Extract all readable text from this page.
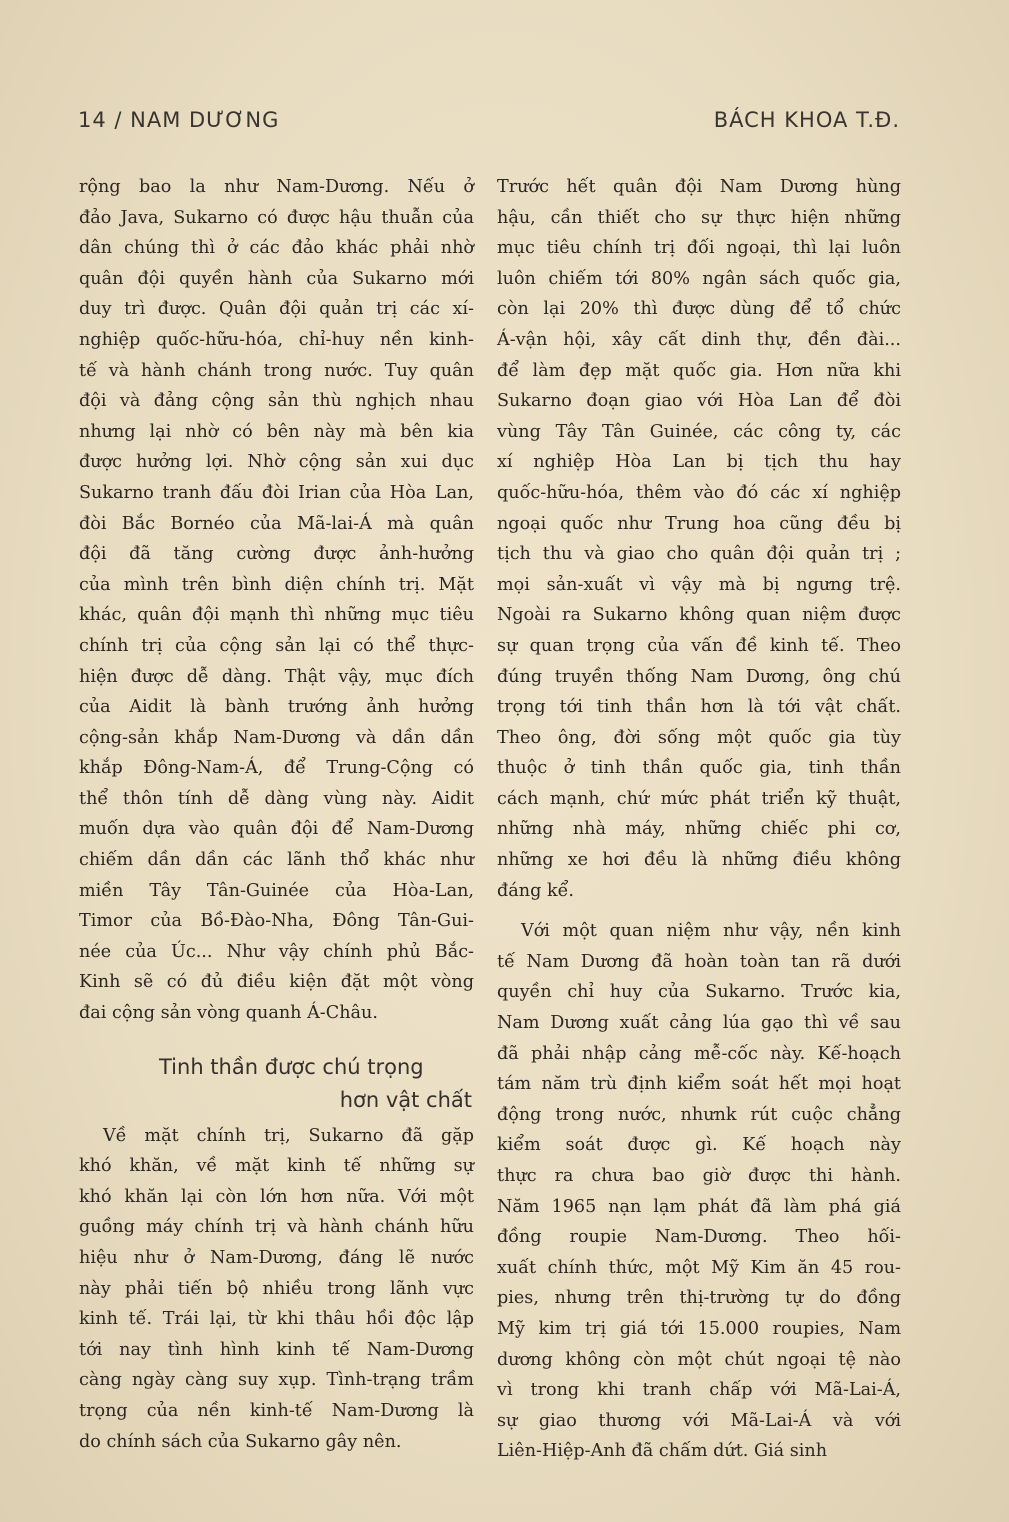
14 / NAM DƯƠNG	BÁCH KHOA T.Đ.
rộng bao la như Nam-Dương. Nếu ở
đảo Java, Sukarno có được hậu thuẫn của
dân chúng thì ở các đảo khác phải nhờ
quân đội quyền hành của Sukarno mới
duy trì được. Quân đội quản trị các xí-
nghiệp quốc-hữu-hóa, chỉ-huy nền kinh-
tế và hành chánh trong nước. Tuy quân
đội và đảng cộng sản thù nghịch nhau
nhưng lại nhờ có bên này mà bên kia
được hưởng lợi. Nhờ cộng sản xui dục
Sukarno tranh đấu đòi Irian của Hòa Lan,
đòi Bắc Bornéo của Mã-lai-Á mà quân
đội đã tăng cường được ảnh-hưởng
của mình trên bình diện chính trị. Mặt
khác, quân đội mạnh thì những mục tiêu
chính trị của cộng sản lại có thể thực-
hiện được dễ dàng. Thật vậy, mục đích
của Aidit là bành trướng ảnh hưởng
cộng-sản khắp Nam-Dương và dần dần
khắp Đông-Nam-Á, để Trung-Cộng có
thể thôn tính dễ dàng vùng này. Aidit
muốn dựa vào quân đội để Nam-Dương
chiếm dần dần các lãnh thổ khác như
miền Tây Tân-Guinée của Hòa-Lan,
Timor của Bồ-Đào-Nha, Đông Tân-Gui-
née của Úc... Như vậy chính phủ Bắc-
Kinh sẽ có đủ điều kiện đặt một vòng
đai cộng sản vòng quanh Á-Châu.
Tinh thần được chú trọng
hơn vật chất
Về mặt chính trị, Sukarno đã gặp
khó khăn, về mặt kinh tế những sự
khó khăn lại còn lớn hơn nữa. Với một
guồng máy chính trị và hành chánh hữu
hiệu như ở Nam-Dương, đáng lẽ nước
này phải tiến bộ nhiều trong lãnh vực
kinh tế. Trái lại, từ khi thâu hồi độc lập
tới nay tình hình kinh tế Nam-Dương
càng ngày càng suy xụp. Tình-trạng trầm
trọng của nền kinh-tế Nam-Dương là
do chính sách của Sukarno gây nên.
Trước hết quân đội Nam Dương hùng
hậu, cần thiết cho sự thực hiện những
mục tiêu chính trị đối ngoại, thì lại luôn
luôn chiếm tới 80% ngân sách quốc gia,
còn lại 20% thì được dùng để tổ chức
Á-vận hội, xây cất dinh thự, đền đài...
để làm đẹp mặt quốc gia. Hơn nữa khi
Sukarno đoạn giao với Hòa Lan để đòi
vùng Tây Tân Guinée, các công ty, các
xí nghiệp Hòa Lan bị tịch thu hay
quốc-hữu-hóa, thêm vào đó các xí nghiệp
ngoại quốc như Trung hoa cũng đều bị
tịch thu và giao cho quân đội quản trị ;
mọi sản-xuất vì vậy mà bị ngưng trệ.
Ngoài ra Sukarno không quan niệm được
sự quan trọng của vấn đề kinh tế. Theo
đúng truyền thống Nam Dương, ông chú
trọng tới tinh thần hơn là tới vật chất.
Theo ông, đời sống một quốc gia tùy
thuộc ở tinh thần quốc gia, tinh thần
cách mạnh, chứ mức phát triển kỹ thuật,
những nhà máy, những chiếc phi cơ,
những xe hơi đều là những điều không
đáng kể.
Với một quan niệm như vậy, nền kinh
tế Nam Dương đã hoàn toàn tan rã dưới
quyền chỉ huy của Sukarno. Trước kia,
Nam Dương xuất cảng lúa gạo thì về sau
đã phải nhập cảng mễ-cốc này. Kế-hoạch
tám năm trù định kiểm soát hết mọi hoạt
động trong nước, nhưnk rút cuộc chẳng
kiểm soát được gì. Kế hoạch này
thực ra chưa bao giờ được thi hành.
Năm 1965 nạn lạm phát đã làm phá giá
đồng roupie Nam-Dương. Theo hối-
xuất chính thức, một Mỹ Kim ăn 45 rou-
pies, nhưng trên thị-trường tự do đồng
Mỹ kim trị giá tới 15.000 roupies, Nam
dương không còn một chút ngoại tệ nào
vì trong khi tranh chấp với Mã-Lai-Á,
sự giao thương với Mã-Lai-Á và với
Liên-Hiệp-Anh đã chấm dứt. Giá sinh
